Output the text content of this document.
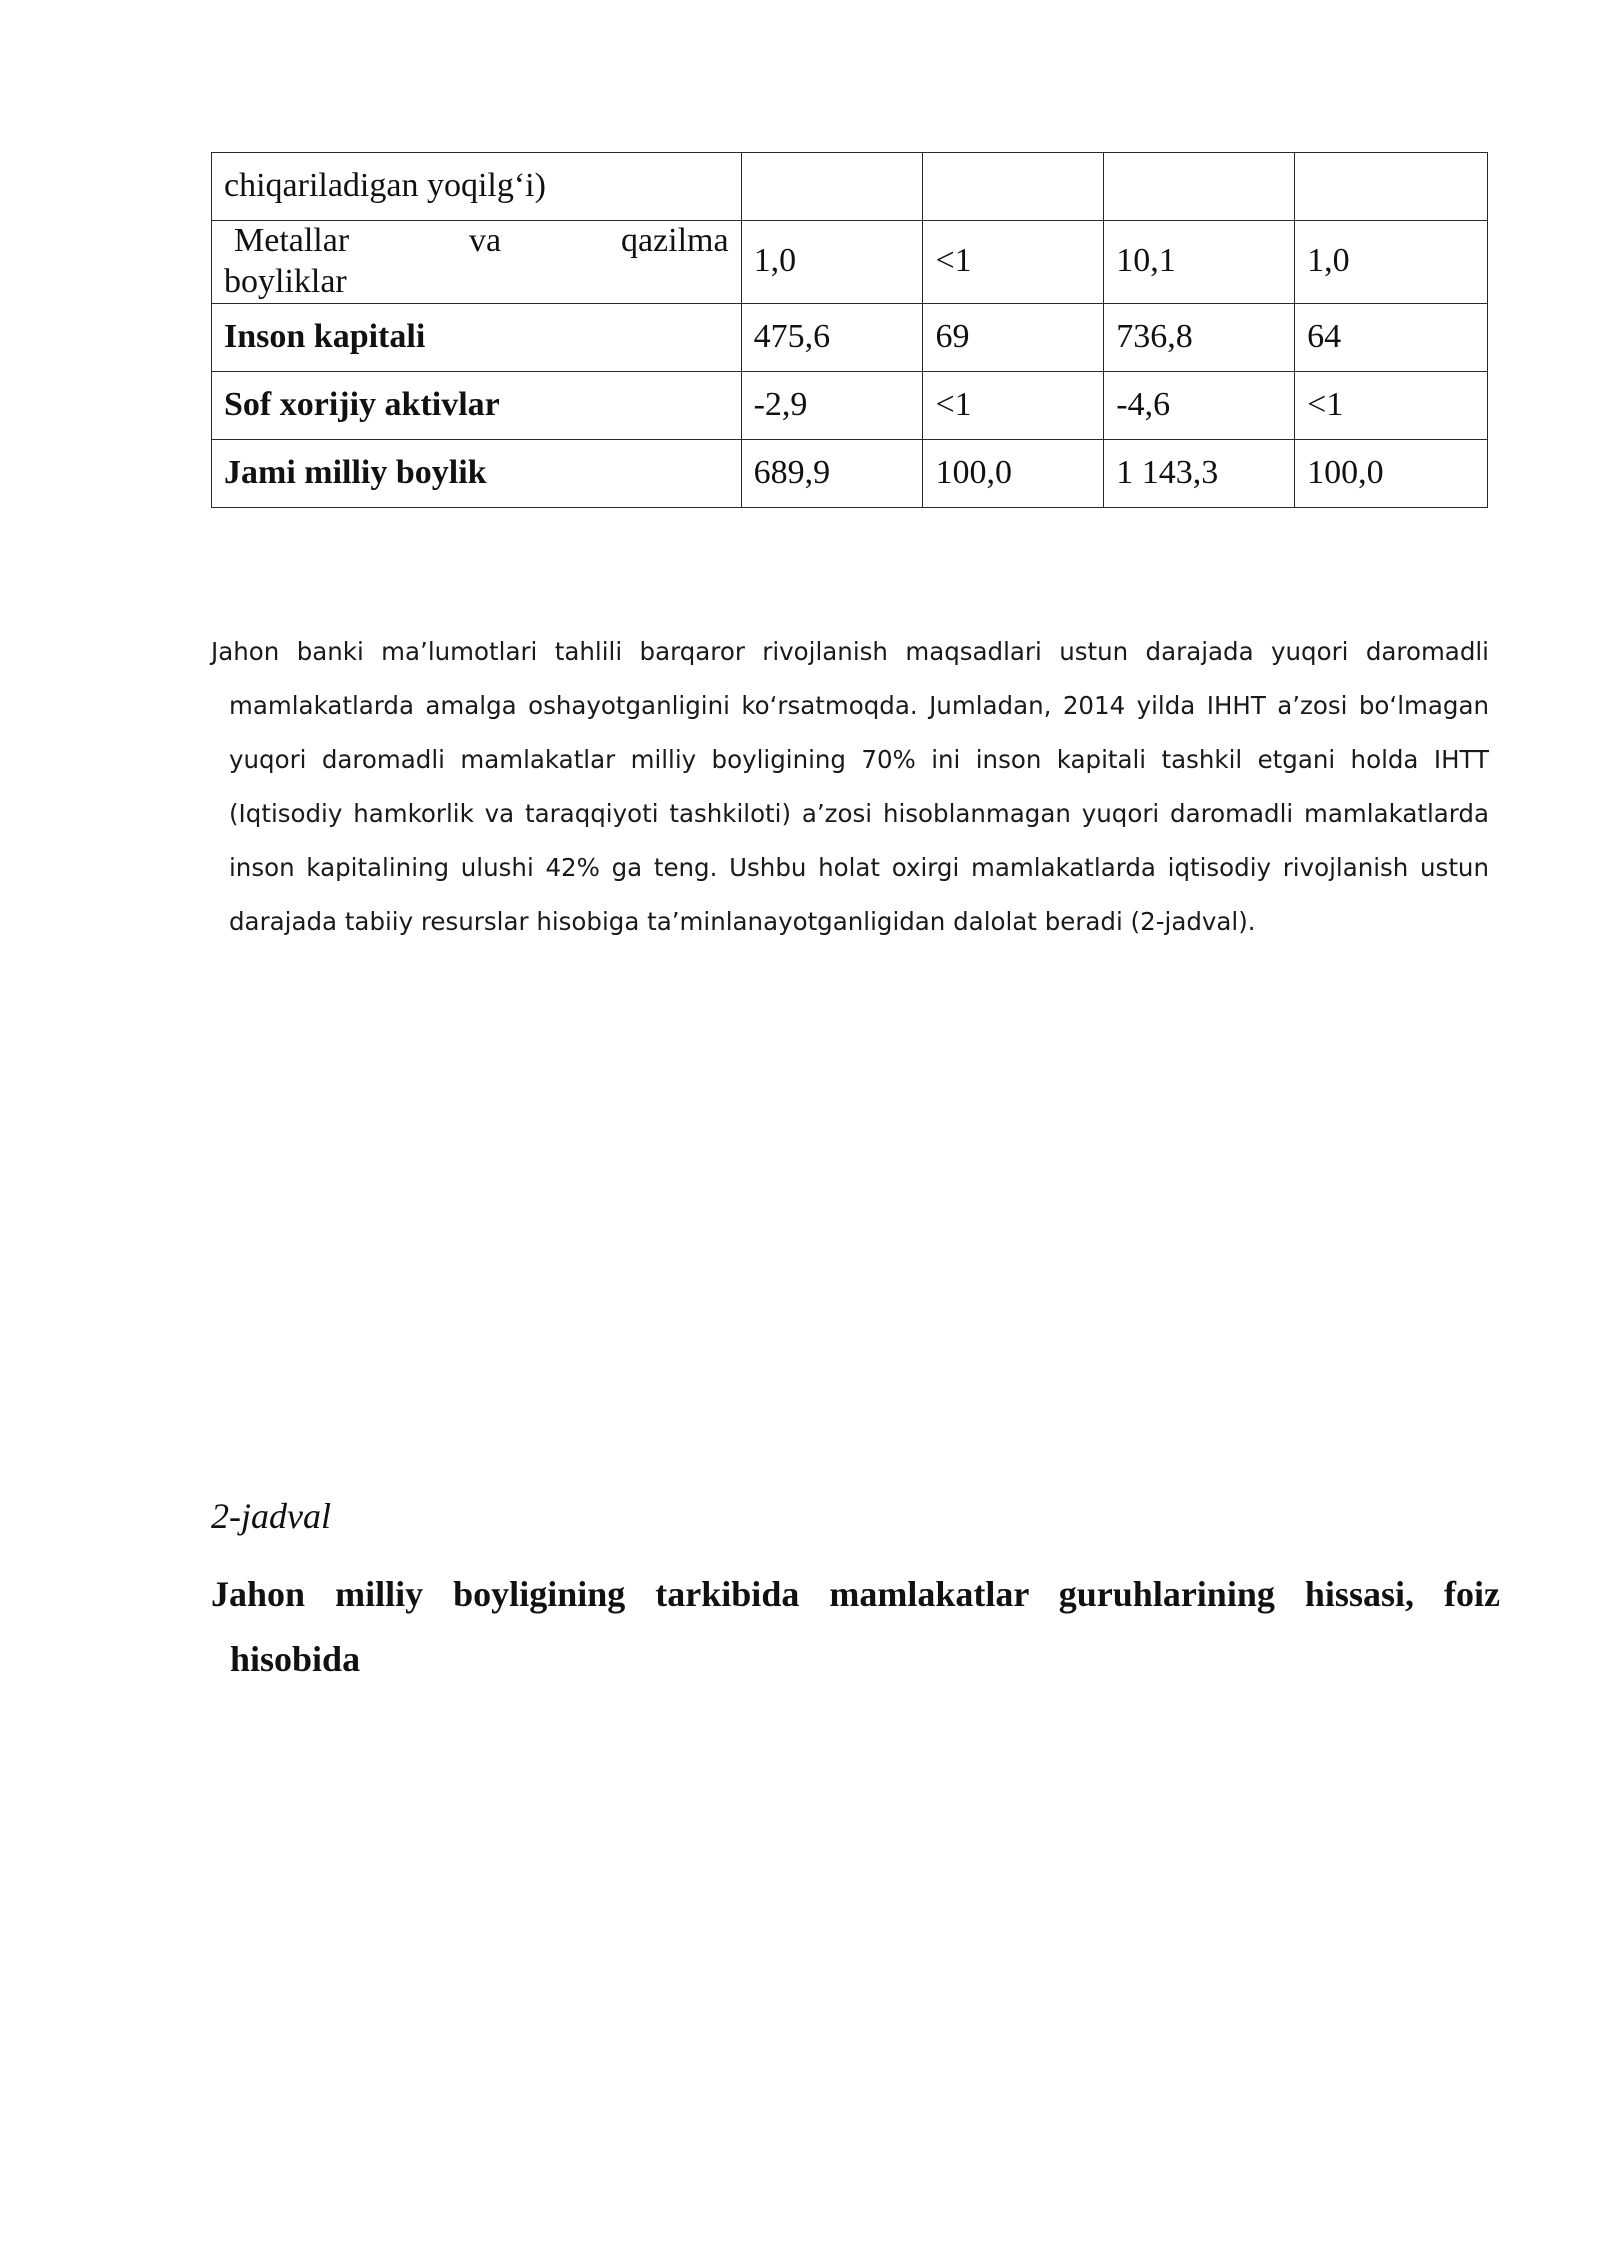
chiqariladigan yoqilg‘i)				

Metallar va qazilma
boyliklar	1,0	<1	10,1	1,0
Inson kapitali	475,6	69	736,8	64
Sof xorijiy aktivlar	-2,9	<1	-4,6	<1
Jami milliy boylik	689,9	100,0	1 143,3	100,0

Jahon banki ma’lumotlari tahlili barqaror rivojlanish maqsadlari ustun darajada yuqori daromadli mamlakatlarda amalga oshayotganligini ko‘rsatmoqda. Jumladan, 2014 yilda IHHT a’zosi bo‘lmagan yuqori daromadli mamlakatlar milliy boyligining 70% ini inson kapitali tashkil etgani holda IHTT (Iqtisodiy hamkorlik va taraqqiyoti tashkiloti) a’zosi hisoblanmagan yuqori daromadli mamlakatlarda inson kapitalining ulushi 42% ga teng. Ushbu holat oxirgi mamlakatlarda iqtisodiy rivojlanish ustun darajada tabiiy resurslar hisobiga ta’minlanayotganligidan dalolat beradi (2-jadval).

2-jadval
Jahon milliy boyligining tarkibida mamlakatlar guruhlarining hissasi, foiz hisobida
